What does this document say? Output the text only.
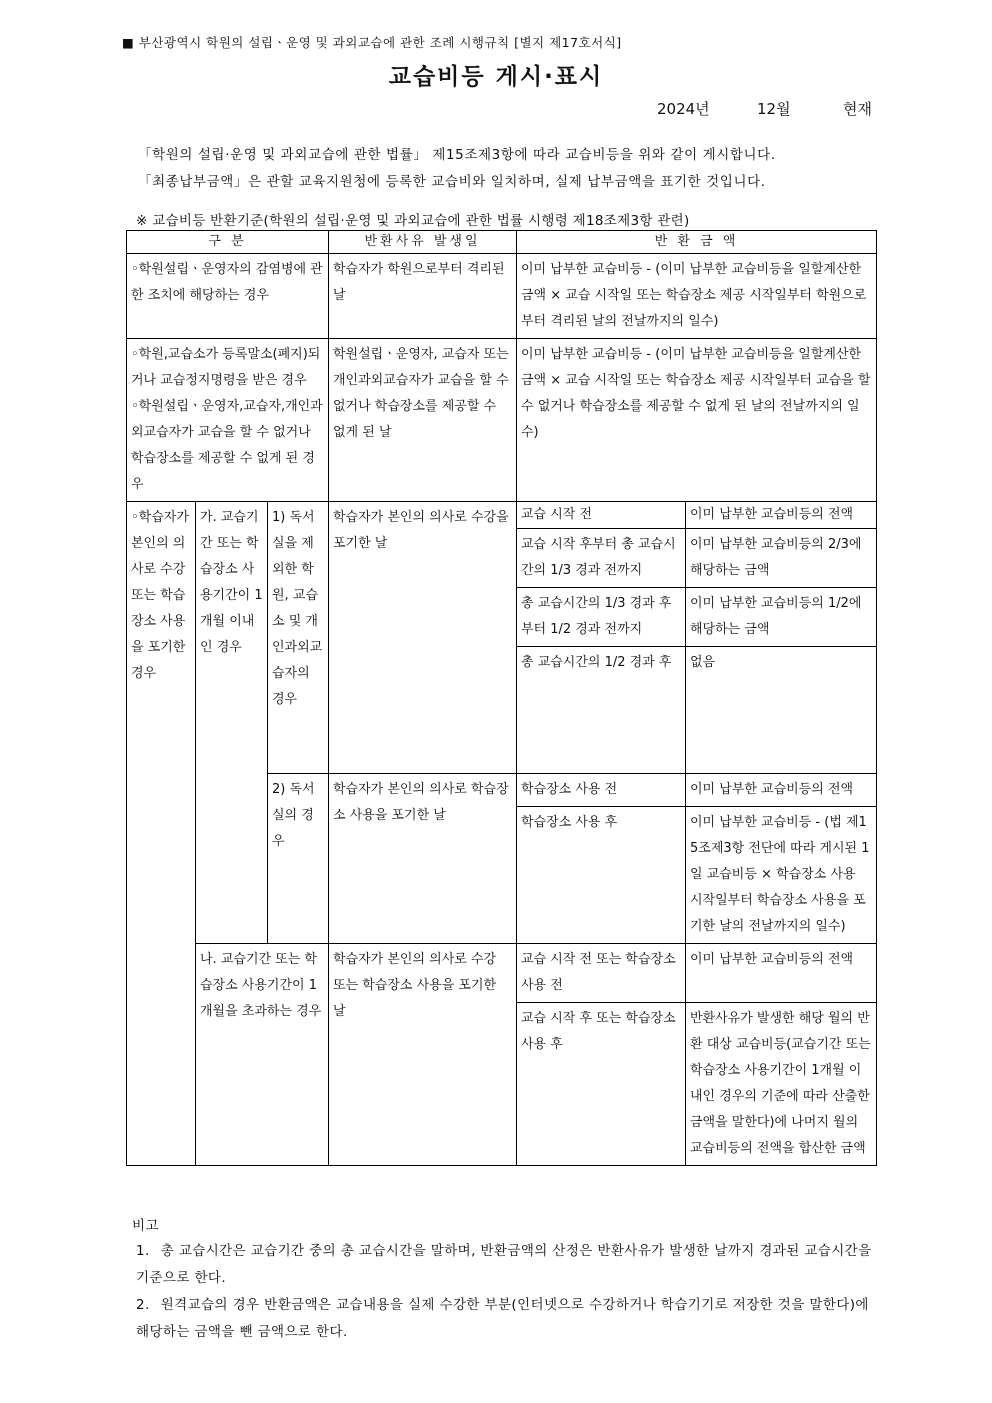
■ 부산광역시 학원의 설립ㆍ운영 및 과외교습에 관한 조례 시행규칙 [별지 제17호서식]
교습비등 게시·표시
2024년	12월	현재
「학원의 설립·운영 및 과외교습에 관한 법률」 제15조제3항에 따라 교습비등을 위와 같이 게시합니다.
「최종납부금액」은 관할 교육지원청에 등록한 교습비와 일치하며, 실제 납부금액을 표기한 것입니다.
※ 교습비등 반환기준(학원의 설립·운영 및 과외교습에 관한 법률 시행령 제18조제3항 관련)
구 분			반환사유 발생일	반 환 금 액	
◦학원설립ㆍ운영자의 감염병에 관한 조치에 해당하는 경우			학습자가 학원으로부터 격리된 날	이미 납부한 교습비등 - (이미 납부한 교습비등을 일할계산한 금액 × 교습 시작일 또는 학습장소 제공 시작일부터 학원으로부터 격리된 날의 전날까지의 일수)	

◦학원,교습소가 등록말소(폐지)되거나 교습정지명령을 받은 경우
◦학원설립ㆍ운영자,교습자,개인과외교습자가 교습을 할 수 없거나 학습장소를 제공할 수 없게 된 경우			학원설립ㆍ운영자, 교습자 또는 개인과외교습자가 교습을 할 수 없거나 학습장소를 제공할 수 없게 된 날	이미 납부한 교습비등 - (이미 납부한 교습비등을 일할계산한 금액 × 교습 시작일 또는 학습장소 제공 시작일부터 교습을 할 수 없거나 학습장소를 제공할 수 없게 된 날의 전날까지의 일수)	
◦학습자가 본인의 의사로 수강 또는 학습장소 사용을 포기한 경우	가. 교습기간 또는 학습장소 사용기간이 1개월 이내인 경우	1) 독서실을 제외한 학원, 교습소 및 개인과외교습자의 경우	학습자가 본인의 의사로 수강을 포기한 날	교습 시작 전	이미 납부한 교습비등의 전액
				교습 시작 후부터 총 교습시간의 1/3 경과 전까지	이미 납부한 교습비등의 2/3에 해당하는 금액
				총 교습시간의 1/3 경과 후부터 1/2 경과 전까지	이미 납부한 교습비등의 1/2에 해당하는 금액
				총 교습시간의 1/2 경과 후	없음
		2) 독서실의 경우	학습자가 본인의 의사로 학습장소 사용을 포기한 날	학습장소 사용 전	이미 납부한 교습비등의 전액
				학습장소 사용 후	이미 납부한 교습비등 - (법 제15조제3항 전단에 따라 게시된 1일 교습비등 × 학습장소 사용 시작일부터 학습장소 사용을 포기한 날의 전날까지의 일수)
	나. 교습기간 또는 학습장소 사용기간이 1개월을 초과하는 경우		학습자가 본인의 의사로 수강 또는 학습장소 사용을 포기한 날	교습 시작 전 또는 학습장소 사용 전	이미 납부한 교습비등의 전액
				교습 시작 후 또는 학습장소 사용 후	반환사유가 발생한 해당 월의 반환 대상 교습비등(교습기간 또는 학습장소 사용기간이 1개월 이내인 경우의 기준에 따라 산출한 금액을 말한다)에 나머지 월의 교습비등의 전액을 합산한 금액
비고
1. 총 교습시간은 교습기간 중의 총 교습시간을 말하며, 반환금액의 산정은 반환사유가 발생한 날까지 경과된 교습시간을 기준으로 한다.
2. 원격교습의 경우 반환금액은 교습내용을 실제 수강한 부분(인터넷으로 수강하거나 학습기기로 저장한 것을 말한다)에 해당하는 금액을 뺀 금액으로 한다.
